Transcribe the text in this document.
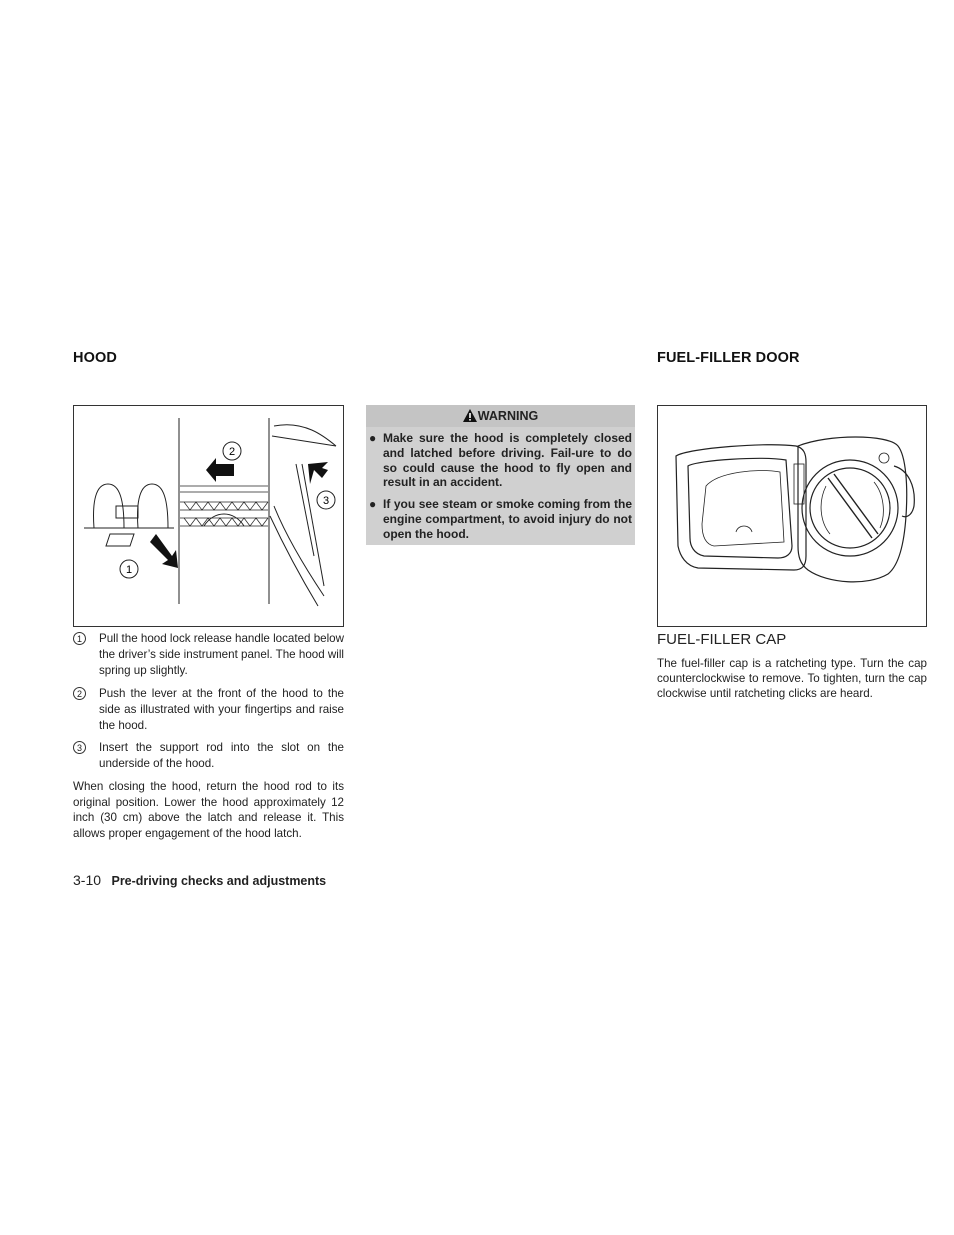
HOOD
1
2
3
1	Pull the hood lock release handle located below the driver’s side instrument panel. The hood will spring up slightly.
2	Push the lever at the front of the hood to the side as illustrated with your fingertips and raise the hood.
3	Insert the support rod into the slot on the underside of the hood.
When closing the hood, return the hood rod to its original position. Lower the hood approximately 12 inch (30 cm) above the latch and release it. This allows proper engagement of the hood latch.
WARNING
● Make sure the hood is completely closed and latched before driving. Fail-ure to do so could cause the hood to fly open and result in an accident.
● If you see steam or smoke coming from the engine compartment, to avoid injury do not open the hood.
FUEL-FILLER DOOR
FUEL-FILLER CAP
The fuel-filler cap is a ratcheting type. Turn the cap counterclockwise to remove. To tighten, turn the cap clockwise until ratcheting clicks are heard.
3-10 Pre-driving checks and adjustments
